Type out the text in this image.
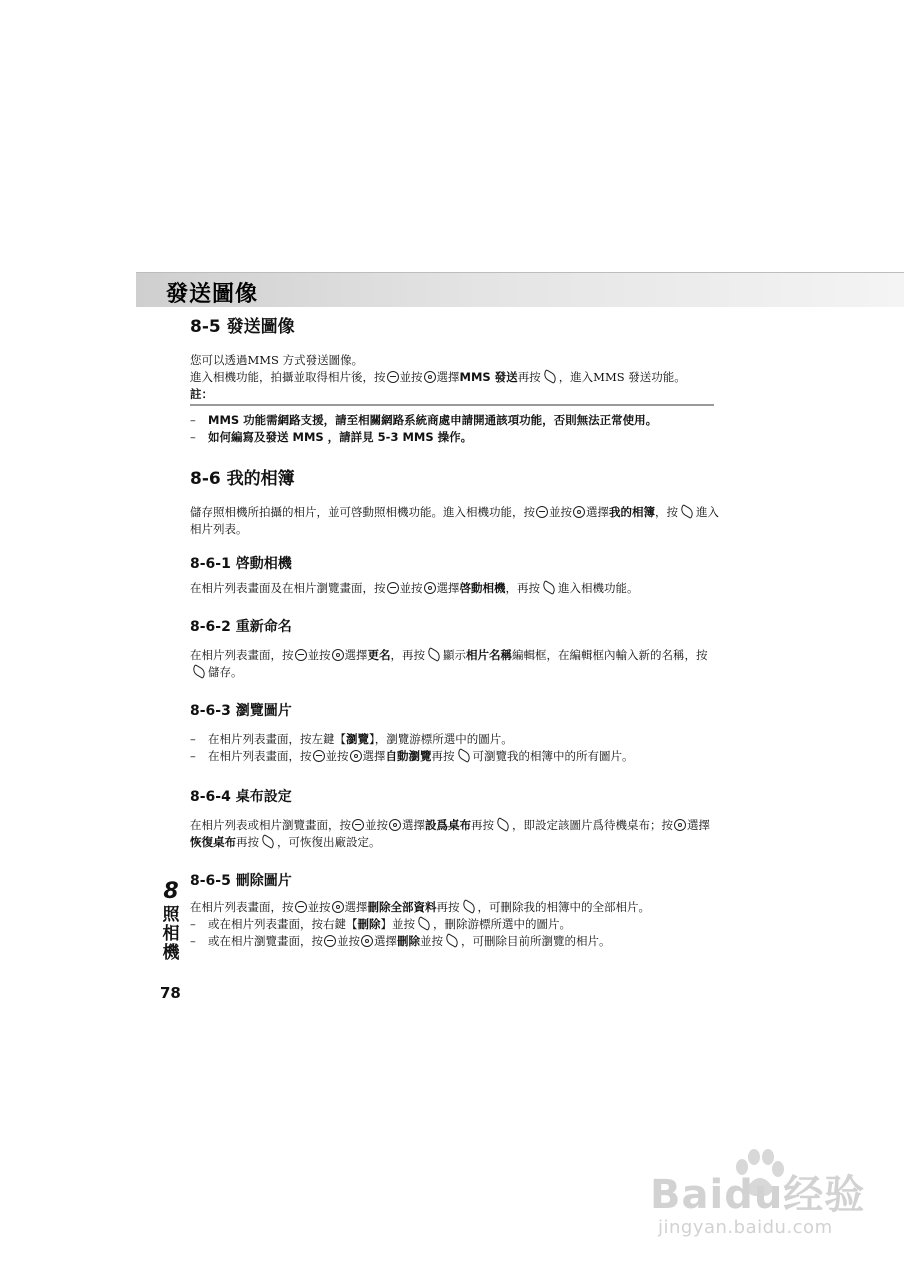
發送圖像
8-5 發送圖像

您可以透過MMS 方式發送圖像。

進入相機功能，拍攝並取得相片後，按 並按 選擇MMS 發送再按 ，進入MMS 發送功能。

註：
– MMS 功能需網路支援，請至相關網路系統商處申請開通該項功能，否則無法正常使用。
– 如何編寫及發送 MMS ，請詳見 5-3 MMS 操作。
8-6 我的相簿

儲存照相機所拍攝的相片，並可啓動照相機功能。進入相機功能，按 並按 選擇我的相簿，按 進入相片列表。

8-6-1 啓動相機

在相片列表畫面及在相片瀏覽畫面，按 並按 選擇啓動相機，再按 進入相機功能。

8-6-2 重新命名

在相片列表畫面，按 並按 選擇更名，再按 顯示相片名稱編輯框，在編輯框內輸入新的名稱，按儲存。

8-6-3 瀏覽圖片
– 在相片列表畫面，按左鍵【瀏覽】，瀏覽游標所選中的圖片。
– 在相片列表畫面，按 並按 選擇自動瀏覽再按 可瀏覽我的相簿中的所有圖片。
8-6-4 桌布設定

在相片列表或相片瀏覽畫面，按 並按 選擇設爲桌布再按 ，即設定該圖片爲待機桌布；按 選擇恢復桌布再按 ，可恢復出廠設定。

8-6-5 刪除圖片

在相片列表畫面，按 並按 選擇刪除全部資料再按 ，可刪除我的相簿中的全部相片。

– 或在相片列表畫面，按右鍵【刪除】並按 ，刪除游標所選中的圖片。
– 或在相片瀏覽畫面，按 並按 選擇刪除並按 ，可刪除目前所瀏覽的相片。
8
照相機
78
Baidu经验
jingyan.baidu.com
